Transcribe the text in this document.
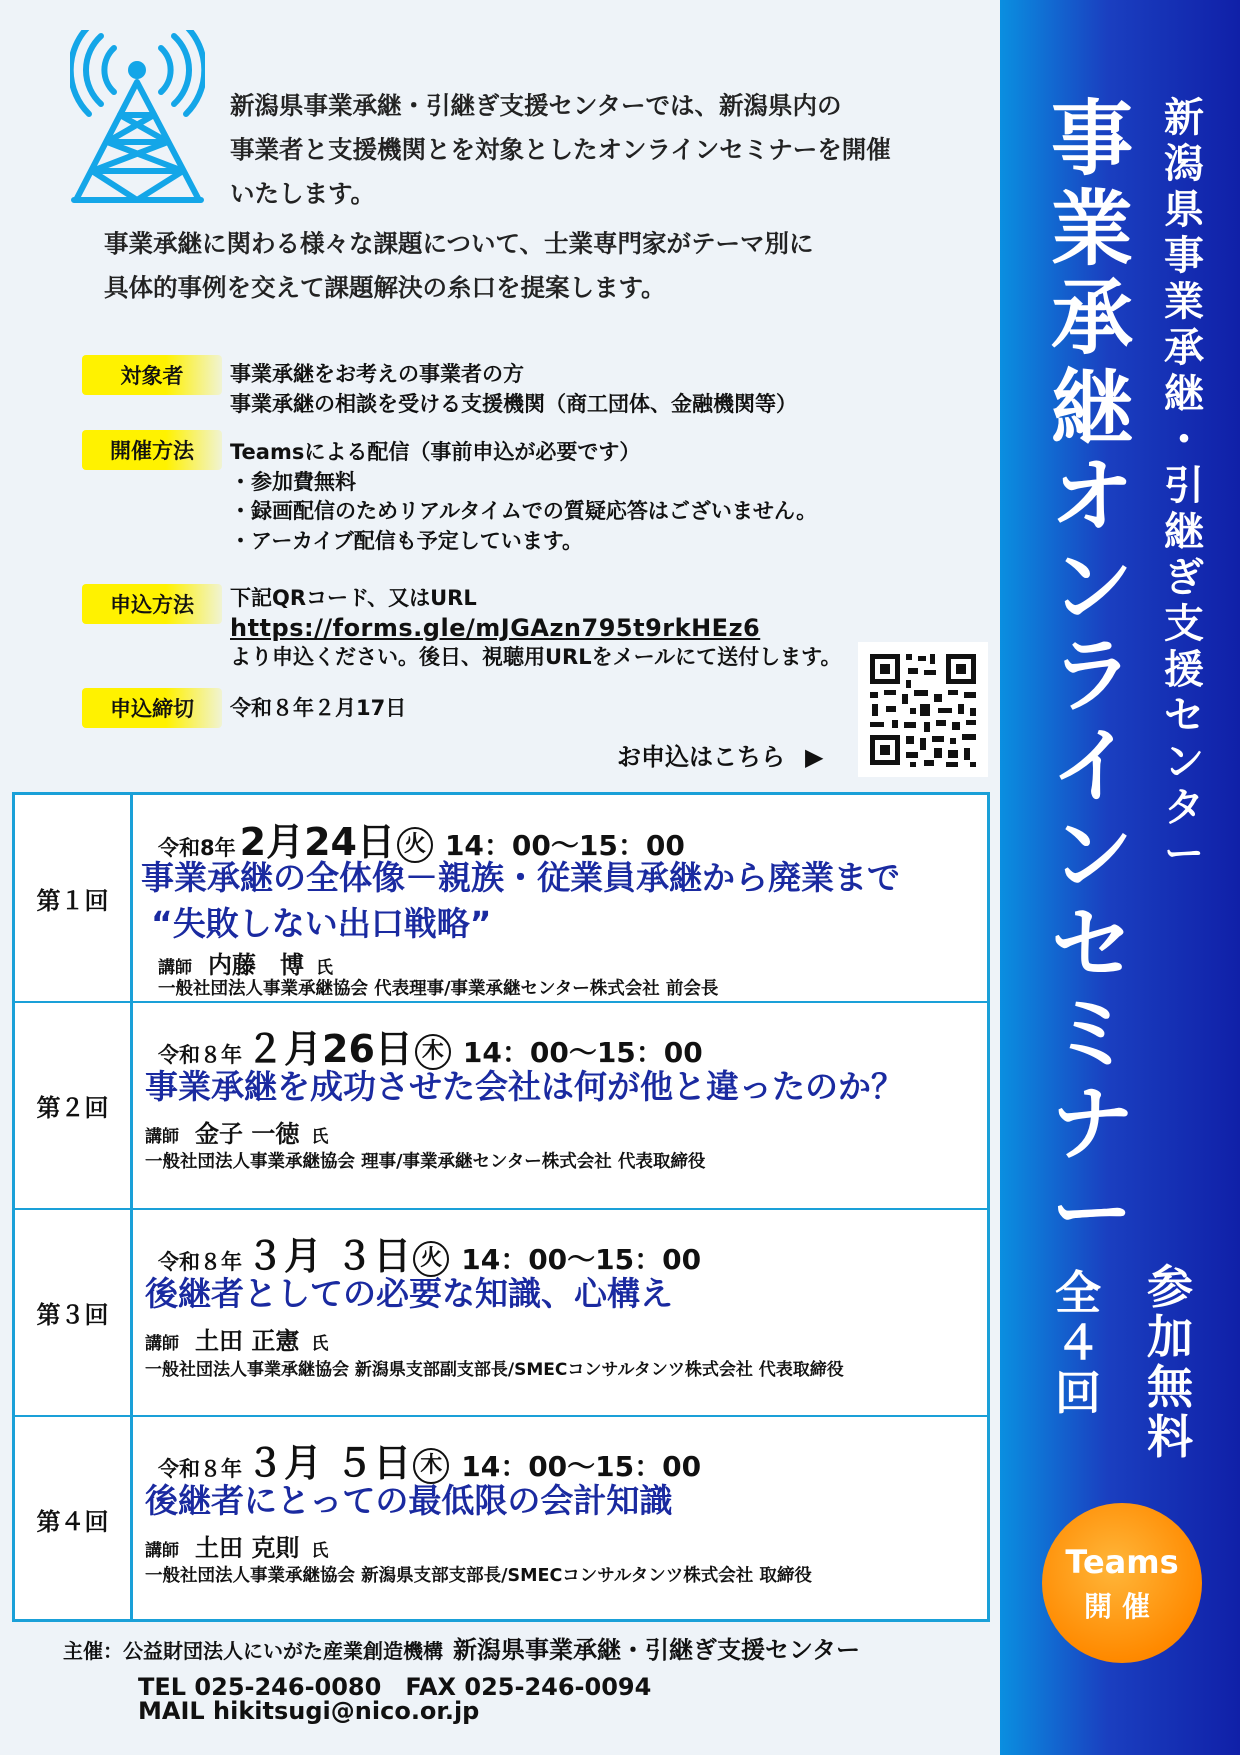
新
潟
県
事
業
承
継
・
引
継
ぎ
支
援
セ
ン
タ
ー
事
業
承
継
オ
ン
ラ
イ
ン
セ
ミ
ナ
ー
全
４
回
参
加
無
料
Teams
開催

新潟県事業承継・引継ぎ支援センターでは、新潟県内の
事業者と支援機関とを対象としたオンラインセミナーを開催
いたします。

事業承継に関わる様々な課題について、士業専門家がテーマ別に
具体的事例を交えて課題解決の糸口を提案します。

対象者	事業承継をお考えの事業者の方
事業承継の相談を受ける支援機関（商工団体、金融機関等）

開催方法	Teamsによる配信（事前申込が必要です）
・参加費無料
・録画配信のためリアルタイムでの質疑応答はございません。
・アーカイブ配信も予定しています。

申込方法	下記QRコード、又はURL
https://forms.gle/mJGAzn795t9rkHEz6
より申込ください。後日、視聴用URLをメールにて送付します。

申込締切	令和８年２月17日

お申込はこちら ▶
第１回
令和8年 2月24日 火 14：00～15：00

事業承継の全体像－親族・従業員承継から廃業まで
“失敗しない出口戦略”

講師 内藤　博 氏
一般社団法人事業承継協会 代表理事/事業承継センター株式会社 前会長
第２回
令和８年 ２月26日 木 14：00～15：00

事業承継を成功させた会社は何が他と違ったのか？

講師 金子 一徳 氏
一般社団法人事業承継協会 理事/事業承継センター株式会社 代表取締役
第３回
令和８年 ３月 ３日 火 14：00～15：00

後継者としての必要な知識、心構え

講師 土田 正憲 氏
一般社団法人事業承継協会 新潟県支部副支部長/SMECコンサルタンツ株式会社 代表取締役
第４回
令和８年 ３月 ５日 木 14：00～15：00

後継者にとっての最低限の会計知識

講師 土田 克則 氏
一般社団法人事業承継協会 新潟県支部支部長/SMECコンサルタンツ株式会社 取締役
主催：公益財団法人にいがた産業創造機構 新潟県事業承継・引継ぎ支援センター
TEL 025-246-0080　FAX 025-246-0094
MAIL hikitsugi@nico.or.jp
